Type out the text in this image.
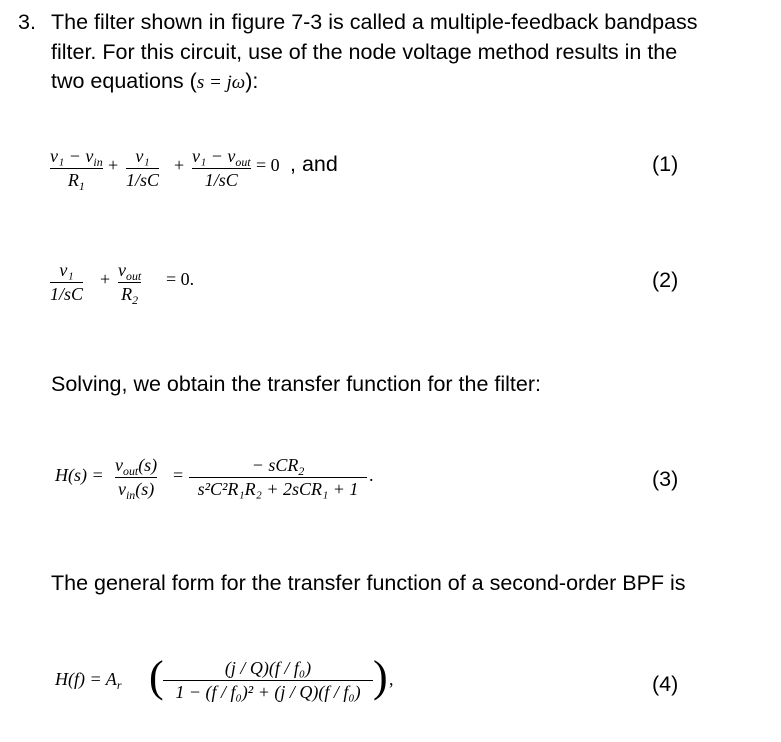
3. The filter shown in figure 7-3 is called a multiple-feedback bandpass
filter. For this circuit, use of the node voltage method results in the
two equations (s = jω):
v₁ − vin
R1
+ v₁
1/sC
+ v₁ − vout
1/sC
= 0 , and	(1)
v₁
1/sC
+ vout
R2
= 0.	(2)
Solving, we obtain the transfer function for the filter:
H(s) = vout(s)
vin(s)
=	− sCR2
s²C²R₁R₂ + 2sCR₁ + 1
.	(3)
The general form for the transfer function of a second-order BPF is
H(f) = Ar (	(j / Q)(f / f₀)
1 − (f / f₀)² + (j / Q)(f / f₀) ) ,	(4)
